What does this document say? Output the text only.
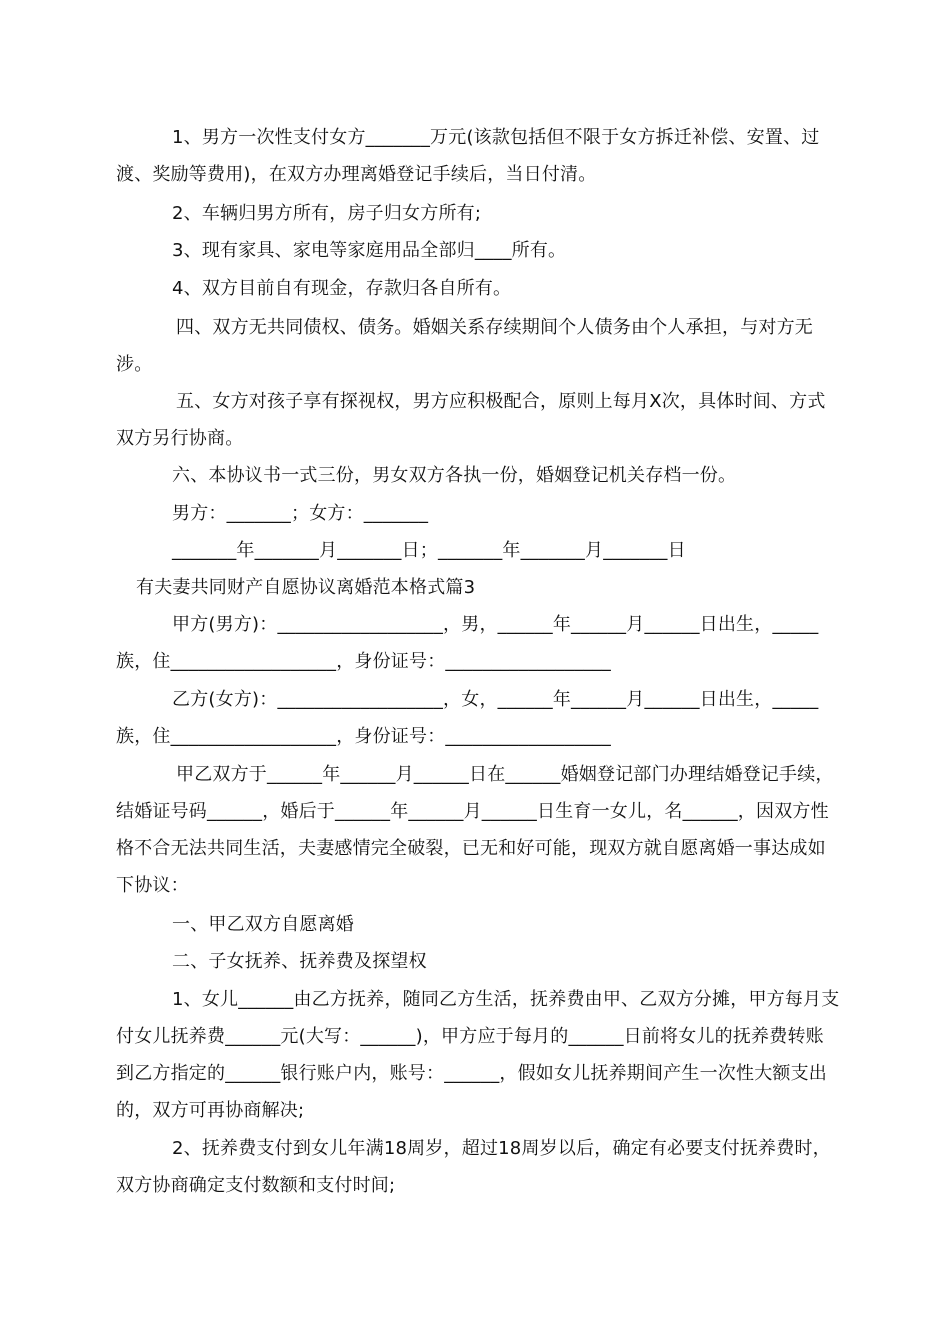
1、男方一次性支付女方_______万元(该款包括但不限于女方拆迁补偿、安置、过渡、奖励等费用)，在双方办理离婚登记手续后，当日付清。
2、车辆归男方所有，房子归女方所有;
3、现有家具、家电等家庭用品全部归____所有。
4、双方目前自有现金，存款归各自所有。
四、双方无共同债权、债务。婚姻关系存续期间个人债务由个人承担，与对方无涉。
五、女方对孩子享有探视权，男方应积极配合，原则上每月X次，具体时间、方式双方另行协商。
六、本协议书一式三份，男女双方各执一份，婚姻登记机关存档一份。
男方：_______；女方：_______
_______年_______月_______日；_______年_______月_______日
有夫妻共同财产自愿协议离婚范本格式篇3
甲方(男方)：__________________，男，______年______月______日出生，_____族，住__________________，身份证号：__________________
乙方(女方)：__________________，女，______年______月______日出生，_____族，住__________________，身份证号：__________________
甲乙双方于______年______月______日在______婚姻登记部门办理结婚登记手续，结婚证号码______，婚后于______年______月______日生育一女儿，名______，因双方性格不合无法共同生活，夫妻感情完全破裂，已无和好可能，现双方就自愿离婚一事达成如下协议：
一、甲乙双方自愿离婚
二、子女抚养、抚养费及探望权
1、女儿______由乙方抚养，随同乙方生活，抚养费由甲、乙双方分摊，甲方每月支付女儿抚养费______元(大写：______)，甲方应于每月的______日前将女儿的抚养费转账到乙方指定的______银行账户内，账号：______，假如女儿抚养期间产生一次性大额支出的，双方可再协商解决;
2、抚养费支付到女儿年满18周岁，超过18周岁以后，确定有必要支付抚养费时，双方协商确定支付数额和支付时间;
